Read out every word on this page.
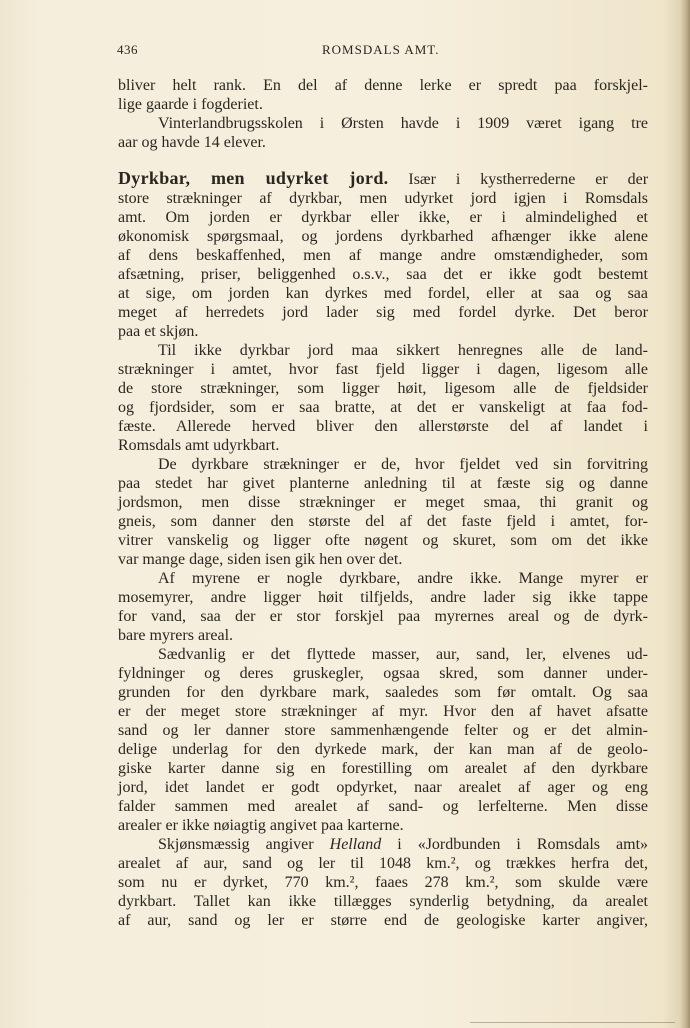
436	ROMSDALS AMT.
bliver helt rank. En del af denne lerke er spredt paa forskjel-
lige gaarde i fogderiet.
Vinterlandbrugsskolen i Ørsten havde i 1909 været igang tre
aar og havde 14 elever.
Dyrkbar, men udyrket jord. Især i kystherrederne er der
store strækninger af dyrkbar, men udyrket jord igjen i Romsdals
amt. Om jorden er dyrkbar eller ikke, er i almindelighed et
økonomisk spørgsmaal, og jordens dyrkbarhed afhænger ikke alene
af dens beskaffenhed, men af mange andre omstændigheder, som
afsætning, priser, beliggenhed o.s.v., saa det er ikke godt bestemt
at sige, om jorden kan dyrkes med fordel, eller at saa og saa
meget af herredets jord lader sig med fordel dyrke. Det beror
paa et skjøn.
Til ikke dyrkbar jord maa sikkert henregnes alle de land-
strækninger i amtet, hvor fast fjeld ligger i dagen, ligesom alle
de store strækninger, som ligger høit, ligesom alle de fjeldsider
og fjordsider, som er saa bratte, at det er vanskeligt at faa fod-
fæste. Allerede herved bliver den allerstørste del af landet i
Romsdals amt udyrkbart.
De dyrkbare strækninger er de, hvor fjeldet ved sin forvitring
paa stedet har givet planterne anledning til at fæste sig og danne
jordsmon, men disse strækninger er meget smaa, thi granit og
gneis, som danner den største del af det faste fjeld i amtet, for-
vitrer vanskelig og ligger ofte nøgent og skuret, som om det ikke
var mange dage, siden isen gik hen over det.
Af myrene er nogle dyrkbare, andre ikke. Mange myrer er
mosemyrer, andre ligger høit tilfjelds, andre lader sig ikke tappe
for vand, saa der er stor forskjel paa myrernes areal og de dyrk-
bare myrers areal.
Sædvanlig er det flyttede masser, aur, sand, ler, elvenes ud-
fyldninger og deres gruskegler, ogsaa skred, som danner under-
grunden for den dyrkbare mark, saaledes som før omtalt. Og saa
er der meget store strækninger af myr. Hvor den af havet afsatte
sand og ler danner store sammenhængende felter og er det almin-
delige underlag for den dyrkede mark, der kan man af de geolo-
giske karter danne sig en forestilling om arealet af den dyrkbare
jord, idet landet er godt opdyrket, naar arealet af ager og eng
falder sammen med arealet af sand- og lerfelterne. Men disse
arealer er ikke nøiagtig angivet paa karterne.
Skjønsmæssig angiver Helland i «Jordbunden i Romsdals amt»
arealet af aur, sand og ler til 1048 km.², og trækkes herfra det,
som nu er dyrket, 770 km.², faaes 278 km.², som skulde være
dyrkbart. Tallet kan ikke tillægges synderlig betydning, da arealet
af aur, sand og ler er større end de geologiske karter angiver,
